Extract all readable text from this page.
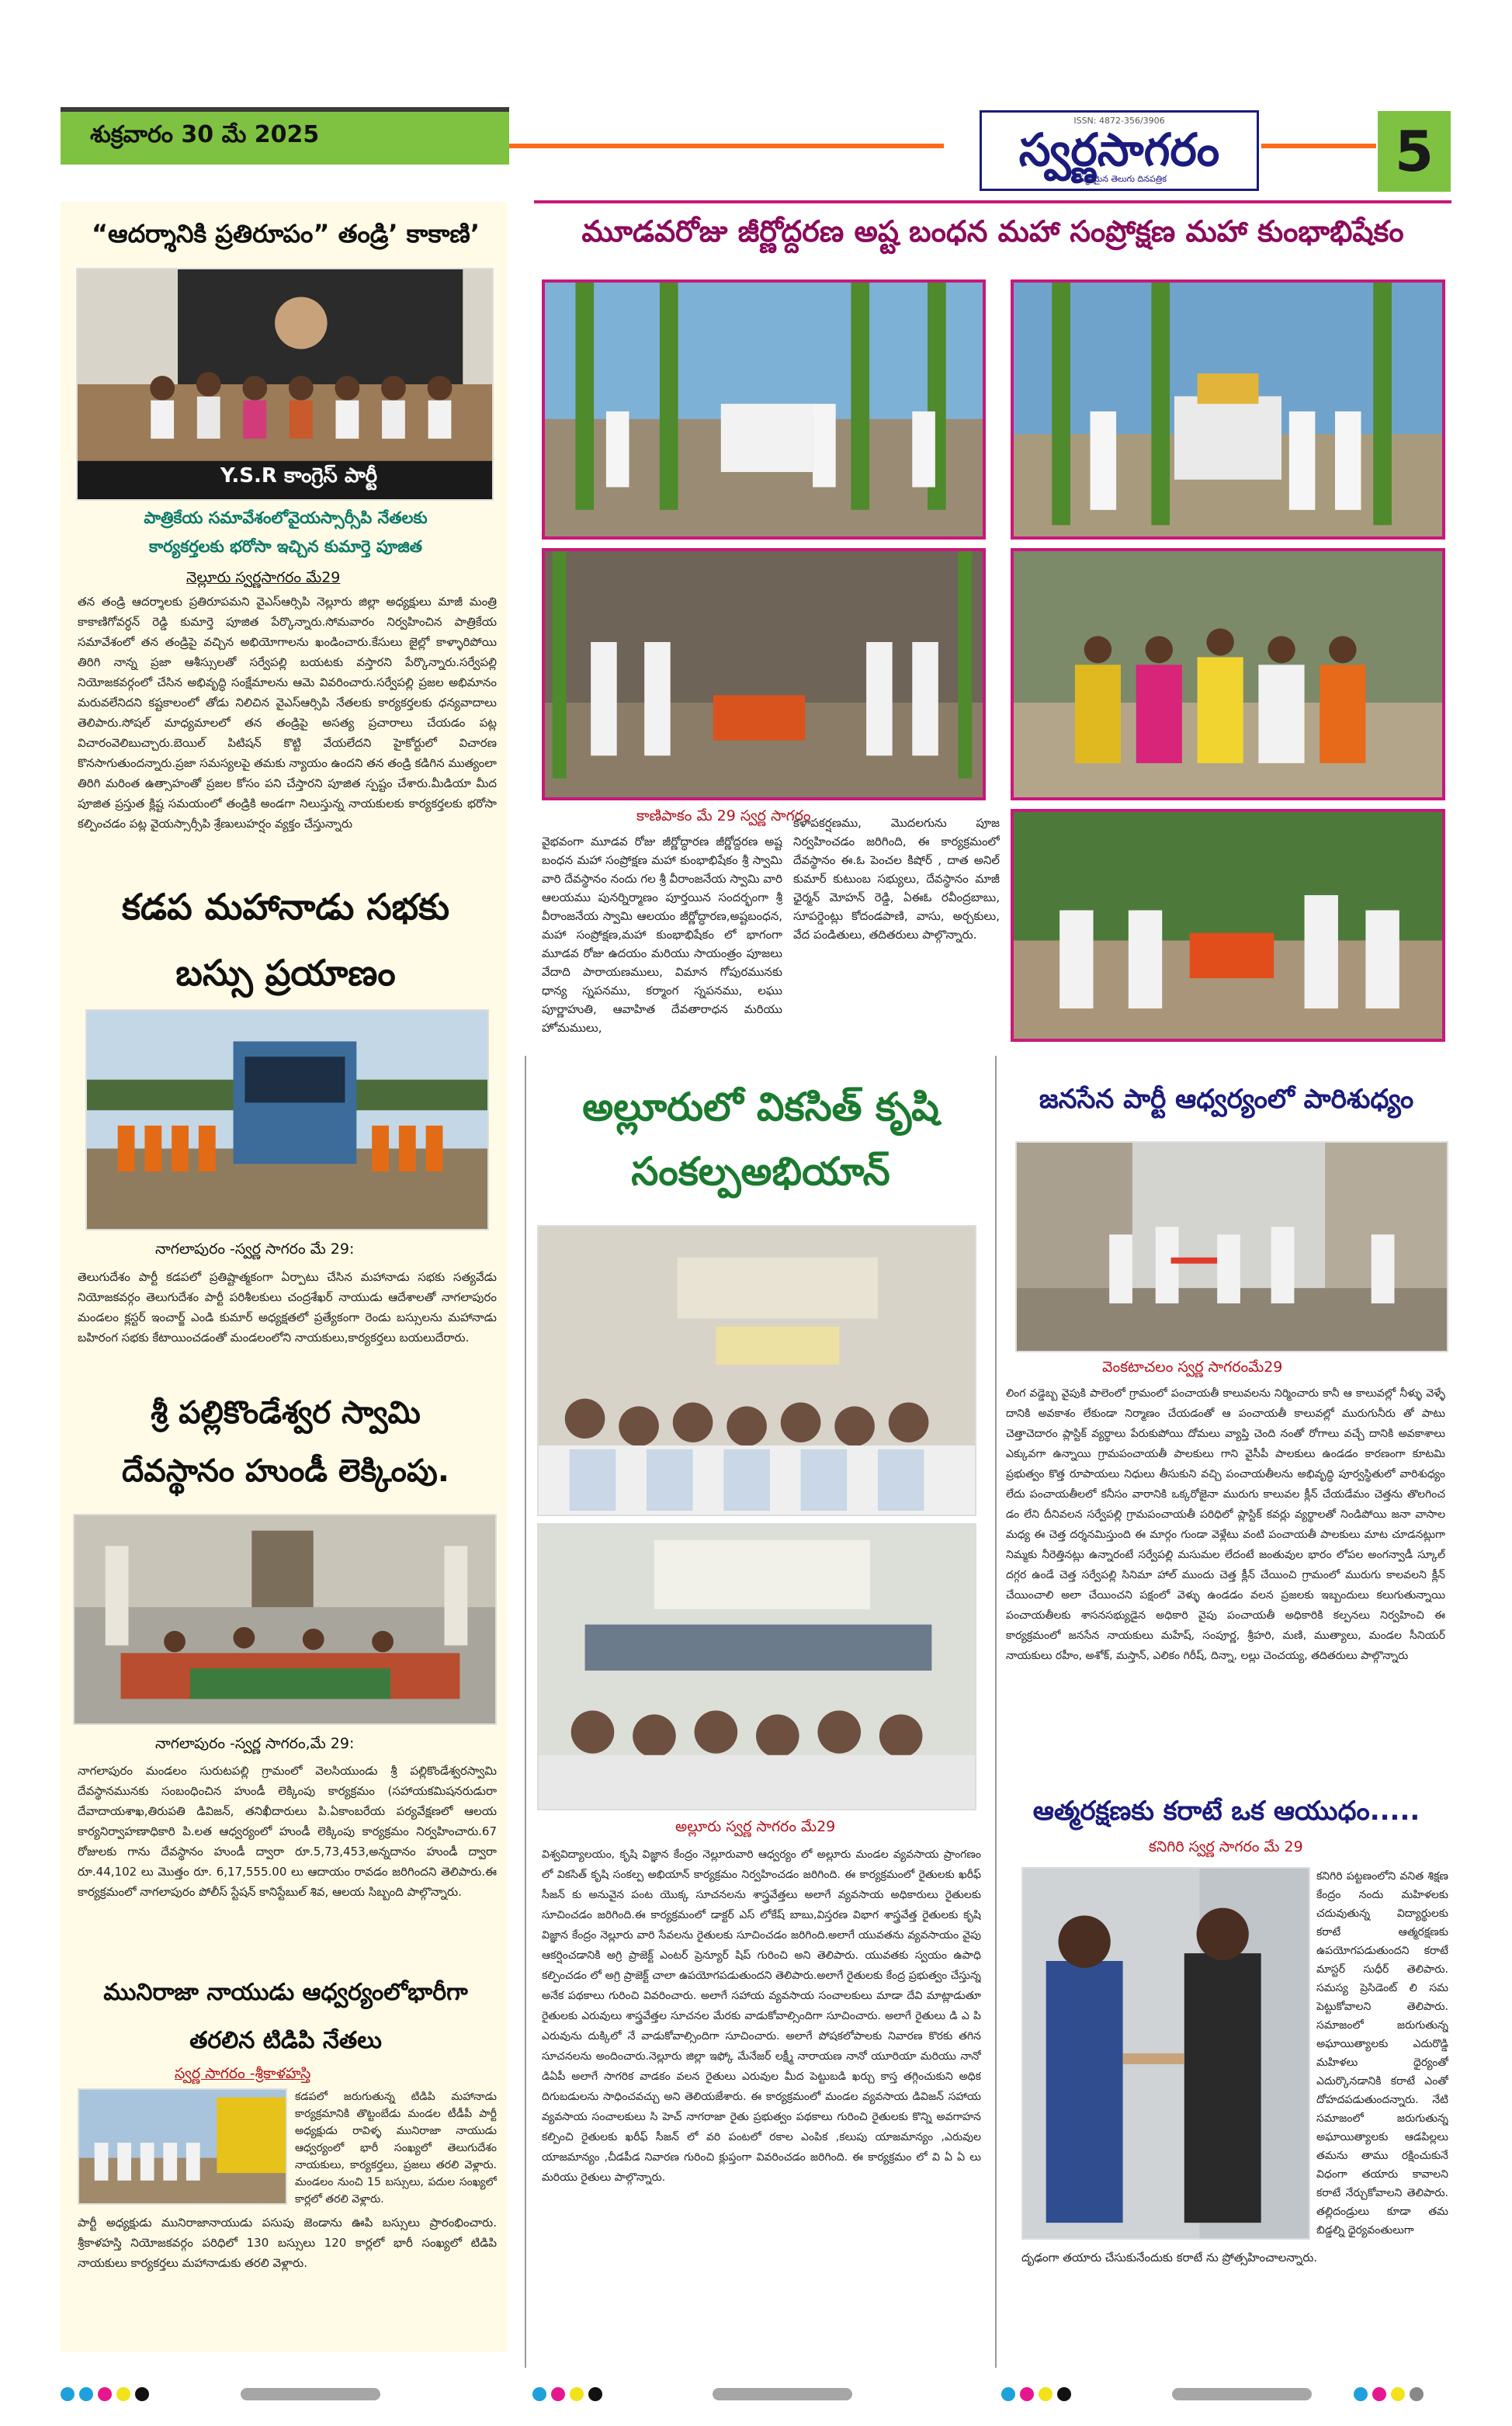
శుక్రవారం 30 మే 2025
ISSN: 4872-356/3906
స్వర్ణసాగరం
నమ్మకమైన తెలుగు దినపత్రిక	5
“ఆదర్శానికి ప్రతిరూపం” తండ్రి’ కాకాణి’
Y.S.R కాంగ్రెస్ పార్టీ
పాత్రికేయ సమావేశంలోవైయస్సార్సీపి నేతలకు
కార్యకర్తలకు భరోసా ఇచ్చిన కుమార్తె పూజిత
నెల్లూరు స్వర్ణసాగరం మే29
తన తండ్రి ఆదర్శాలకు ప్రతిరూపమని వైఎస్ఆర్సిపి నెల్లూరు జిల్లా అధ్యక్షులు మాజీ మంత్రి కాకాణిగోవర్ధన్ రెడ్డి కుమార్తె పూజిత పేర్కొన్నారు.సోమవారం నిర్వహించిన పాత్రికేయ సమావేశంలో తన తండ్రిపై వచ్చిన అభియోగాలను ఖండించారు.కేసులు జైల్లో కాళ్ళారిపోయి తిరిగి నాన్న ప్రజా ఆశీస్సులతో సర్వేపల్లి బయటకు వస్తారని పేర్కొన్నారు.సర్వేపల్లి నియోజకవర్గంలో చేసిన అభివృద్ధి సంక్షేమాలను ఆమె వివరించారు.సర్వేపల్లి ప్రజల అభిమానం మరువలేనిదని కష్టకాలంలో తోడు నిలిచిన వైఎస్ఆర్సిపి నేతలకు కార్యకర్తలకు ధన్యవాదాలు తెలిపారు.సోషల్ మాధ్యమాలలో తన తండ్రిపై అసత్య ప్రచారాలు చేయడం పట్ల విచారంవెలిబుచ్చారు.బెయిల్ పిటిషన్ కొట్టి వేయలేదని హైకోర్టులో విచారణ కొనసాగుతుందన్నారు.ప్రజా సమస్యలపై తమకు న్యాయం ఉందని తన తండ్రి కడిగిన ముత్యంలా తిరిగి మరింత ఉత్సాహంతో ప్రజల కోసం పని చేస్తారని పూజిత స్పష్టం చేశారు.మీడియా మీద పూజిత ప్రస్తుత క్లిష్ట సమయంలో తండ్రికి అండగా నిలుస్తున్న నాయకులకు కార్యకర్తలకు భరోసా కల్పించడం పట్ల వైయస్సార్సీపి శ్రేణులుహర్షం వ్యక్తం చేస్తున్నారు
కడప మహానాడు సభకు
బస్సు ప్రయాణం
నాగలాపురం -స్వర్ణ సాగరం మే 29:
తెలుగుదేశం పార్టీ కడపలో ప్రతిష్టాత్మకంగా ఏర్పాటు చేసిన మహానాడు సభకు సత్యవేడు నియోజకవర్గం తెలుగుదేశం పార్టీ పరిశీలకులు చంద్రశేఖర్ నాయుడు ఆదేశాలతో నాగలాపురం మండలం క్లస్టర్ ఇంచార్జ్ ఎండి కుమార్ అధ్యక్షతలో ప్రత్యేకంగా రెండు బస్సులను మహానాడు బహిరంగ సభకు కేటాయించడంతో మండలంలోని నాయకులు,కార్యకర్తలు బయలుదేరారు.
శ్రీ పల్లికొండేశ్వర స్వామి
దేవస్థానం హుండీ లెక్కింపు.
నాగలాపురం -స్వర్ణ సాగరం,మే 29:
నాగలాపురం మండలం సురుటపల్లి గ్రామంలో వెలసియుండు శ్రీ పల్లికొండేశ్వరస్వామి దేవస్థానమునకు సంబంధించిన హుండీ లెక్కింపు కార్యక్రమం (సహాయకమిషనరుడురా దేవాదాయశాఖ,తిరుపతి డివిజన్, తనిఖీదారులు పి.ఏకాంబరేయ పర్యవేక్షణలో ఆలయ కార్యనిర్వాహణాధికారి పి.లత ఆధ్వర్యంలో హుండీ లెక్కింపు కార్యక్రమం నిర్వహించారు.67 రోజులకు గాను దేవస్థానం హుండీ ద్వారా రూ.5,73,453,అన్నదానం హుండీ ద్వారా రూ.44,102 లు మొత్తం రూ. 6,17,555.00 లు ఆదాయం రావడం జరిగిందని తెలిపారు.ఈ కార్యక్రమంలో నాగలాపురం పోలీస్ స్టేషన్ కానిస్టేబుల్ శివ, ఆలయ సిబ్బంది పాల్గొన్నారు.
మునిరాజా నాయుడు ఆధ్వర్యంలోభారీగా
తరలిన టిడిపి నేతలు
స్వర్ణ సాగరం -శ్రీకాళహస్తి
కడపలో జరుగుతున్న టిడిపి మహానాడు కార్యక్రమానికి తొట్టంబేడు మండల టీడీపీ పార్టీ అధ్యక్షుడు రావిళ్ళ మునిరాజా నాయుడు ఆధ్వర్యంలో భారీ సంఖ్యలో తెలుగుదేశం నాయకులు, కార్యకర్తలు, ప్రజలు తరలి వెళ్లారు. మండలం నుంచి 15 బస్సులు, పదుల సంఖ్యలో కార్లలో తరలి వెళ్లారు.
పార్టీ అధ్యక్షుడు మునిరాజానాయుడు పసుపు జెండాను ఊపి బస్సులు ప్రారంభించారు. శ్రీకాళహస్తి నియోజకవర్గం పరిధిలో 130 బస్సులు 120 కార్లలో భారీ సంఖ్యలో టిడిపి నాయకులు కార్యకర్తలు మహానాడుకు తరలి వెళ్లారు.
మూడవరోజు జీర్ణోద్దరణ అష్ట బంధన మహా సంప్రోక్షణ మహా కుంభాభిషేకం
కాణిపాకం మే 29 స్వర్ణ సాగరం
వైభవంగా మూడవ రోజు జీర్ణోద్ధారణ జీర్ణోద్దరణ అష్ట బంధన మహా సంప్రోక్షణ మహా కుంభాభిషేకం శ్రీ స్వామి వారి దేవస్థానం నందు గల శ్రీ వీరాంజనేయ స్వామి వారి ఆలయము పునర్నిర్మాణం పూర్తయిన సందర్భంగా శ్రీ వీరాంజనేయ స్వామి ఆలయం జీర్ణోద్ధారణ,అష్టబంధన, మహా సంప్రోక్షణ,మహా కుంభాభిషేకం లో భాగంగా మూడవ రోజు ఉదయం మరియు సాయంత్రం పూజలు వేదాది పారాయణములు, విమాన గోపురమునకు ధాన్య స్నపనము, కర్మాంగ స్నపనము, లఘు పూర్ణాహుతి, ఆవాహిత దేవతారాధన మరియు హోమములు,
కళాపకర్షణము, మొదలగును పూజ నిర్వహించడం జరిగింది, ఈ కార్యక్రమంలో దేవస్థానం ఈ.ఓ పెంచల కిషోర్ , దాత అనిల్ కుమార్ కుటుంబ సభ్యులు, దేవస్థానం మాజీ ఛైర్మన్ మోహన్ రెడ్డి, ఏఈఓ రవీంద్రబాబు, సూపర్డెంట్లు కోదండపాణి, వాసు, అర్చకులు, వేద పండితులు, తదితరులు పాల్గొన్నారు.
అల్లూరులో వికసిత్ కృషి
సంకల్పఅభియాన్
అల్లూరు స్వర్ణ సాగరం మే29
విశ్వవిద్యాలయం, కృషి విజ్ఞాన కేంద్రం నెల్లూరువారి ఆధ్వర్యం లో అల్లూరు మండల వ్యవసాయ ప్రాంగణం లో వికసిత్ కృషి సంకల్ప అభియాన్ కార్యక్రమం నిర్వహించడం జరిగింది. ఈ కార్యక్రమంలో రైతులకు ఖరీఫ్ సీజన్ కు అనువైన పంట యొక్క సూచనలను శాస్త్రవేత్తలు అలాగే వ్యవసాయ అధికారులు రైతులకు సూచించడం జరిగింది.ఈ కార్యక్రమంలో డాక్టర్ ఎస్ లోకేష్ బాబు,విస్తరణ విభాగ శాస్త్రవేత్త రైతులకు కృషి విజ్ఞాన కేంద్రం నెల్లూరు వారి సేవలను రైతులకు సూచించడం జరిగింది.అలాగే యువతను వ్యవసాయం వైపు ఆకర్షించడానికి అగ్రి ప్రాజెక్ట్ ఎంటర్ ప్రెన్యూర్ షిప్ గురించి అని తెలిపారు. యువతకు స్వయం ఉపాధి కల్పించడం లో అగ్రి ప్రాజెక్ట్ చాలా ఉపయోగపడుతుందని తెలిపారు.అలాగే రైతులకు కేంద్ర ప్రభుత్వం చేస్తున్న అనేక పథకాలు గురించి వివరించారు. అలాగే సహాయ వ్యవసాయ సంచాలకులు మాడా దేవి మాట్లాడుతూ రైతులకు ఎరువులు శాస్త్రవేత్తల సూచనల మేరకు వాడుకోవాల్సిందిగా సూచించారు. అలాగే రైతులు డి ఎ పి ఎరువును దుక్కిలో నే వాడుకోవాల్సిందిగా సూచించారు. అలాగే పోషకలోపాలకు నివారణ కొరకు తగిన సూచనలను అందించారు.నెల్లూరు జిల్లా ఇఫ్కో మేనేజర్ లక్ష్మీ నారాయణ నానో యూరియా మరియు నానో డిఏపీ అలాగే సాగరిక వాడకం వలన రైతులు ఎరువుల మీద పెట్టుబడి ఖర్చు కాస్త తగ్గించుకుని అధిక దిగుబడులను సాధించవచ్చు అని తెలియజేశారు. ఈ కార్యక్రమంలో మండల వ్యవసాయ డివిజన్ సహాయ వ్యవసాయ సంచాలకులు సి హెచ్ నాగరాజా రైతు ప్రభుత్వం పథకాలు గురించి రైతులకు కొన్ని అవగాహన కల్పించి రైతులకు ఖరీఫ్ సీజన్ లో వరి పంటలో రకాల ఎంపిక ,కలుపు యాజమాన్యం ,ఎరువుల యాజమాన్యం ,చీడపీడ నివారణ గురించి క్లుప్తంగా వివరించడం జరిగింది. ఈ కార్యక్రమం లో వి ఏ ఏ లు మరియు రైతులు పాల్గొన్నారు.
జనసేన పార్టీ ఆధ్వర్యంలో పారిశుధ్యం
వెంకటాచలం స్వర్ణ సాగరంమే29
లింగ వడ్డెబ్బ వైపుకి పాలెంలో గ్రామంలో పంచాయతీ కాలువలను నిర్మించారు కానీ ఆ కాలువల్లో నీళ్ళు వెళ్ళే దానికి అవకాశం లేకుండా నిర్మాణం చేయడంతో ఆ పంచాయతీ కాలువల్లో మురుగునీరు తో పాటు చెత్తాచెదారం ప్లాస్టిక్ వ్యర్థాలు పేరుకుపోయి దోమలు వ్యాప్తి చెంది నంతో రోగాలు వచ్చే దానికి అవకాశాలు ఎక్కువగా ఉన్నాయి గ్రామపంచాయతీ పాలకులు గాని వైసీపీ పాలకులు ఉండడం కారణంగా కూటమి ప్రభుత్వం కొత్త రూపాయలు నిధులు తీసుకుని వచ్చి పంచాయతీలను అభివృద్ధి పూర్వస్థితులో వారిశుధ్యం లేదు పంచాయతీలలో కనీసం వారానికి ఒక్కరోజైనా మురుగు కాలువల క్లీన్ చేయడేమం చెత్తను తొలగించ డం లేని దీనివలన సర్వేపల్లి గ్రామపంచాయతీ పరిధిలో ప్లాస్టిక్ కవర్లు వ్యర్థాలతో నిండిపోయి జనా వాసాల మధ్య ఈ చెత్త దర్శనమిస్తుంది ఈ మార్గం గుండా వెళ్లేటు వంటి పంచాయతీ పాలకులు మాట చూడనట్లుగా నిమ్మకు నీరెత్తినట్లు ఉన్నారంటే సర్వేపల్లి మసుమల లేదంటే జంతువుల భారం లోపల అంగన్వాడీ స్కూల్ దగ్గర ఉండే చెత్త సర్వేపల్లి సినిమా హాల్ ముందు చెత్త క్లీన్ చేయించి గ్రామంలో మురుగు కాలవలని క్లీన్ చేయించాలి అలా చేయించని పక్షంలో వెళ్ళు ఉండడం వలన ప్రజలకు ఇబ్బందులు కలుగుతున్నాయి పంచాయతీలకు శాసనసభ్యుడైన అధికారి వైపు పంచాయతీ అధికారికి కల్పనలు నిర్వహించి ఈ కార్యక్రమంలో జనసేన నాయకులు మహేష్, సంపూర్ణ, శ్రీహరి, మణి, ముత్యాలు, మండల సీనియర్ నాయకులు రహీం, అశోక్, మస్తాన్, ఎలికం గిరీష్, దిన్నా, లల్లు చెంచయ్య, తదితరులు పాల్గొన్నారు
ఆత్మరక్షణకు కరాటే ఒక ఆయుధం.....
కనిగిరి స్వర్ణ సాగరం మే 29
కనిగిరి పట్టణంలోని వనిత శిక్షణ కేంద్రం నందు మహిళలకు చదువుతున్న విద్యార్థులకు కరాటే ఆత్మరక్షణకు ఉపయోగపడుతుందని కరాటే మాస్టర్ సుధీర్ తెలిపారు. సమస్య ప్రెసిడెంట్ లి సమ పెట్టుకోవాలని తెలిపారు. సమాజంలో జరుగుతున్న అఘాయిత్యాలకు ఎదురొడ్డి మహిళలు ధైర్యంతో ఎదుర్కొనడానికి కరాటే ఎంతో దోహదపడుతుందన్నారు. నేటి సమాజంలో జరుగుతున్న అఘాయిత్యాలకు ఆడపిల్లలు తమను తాము రక్షించుకునే విధంగా తయారు కావాలని కరాటే నేర్చుకోవాలని తెలిపారు. తల్లిదండ్రులు కూడా తమ బిడ్డల్ని ధైర్యవంతులుగా
దృఢంగా తయారు చేసుకునేందుకు కరాటే ను ప్రోత్సహించాలన్నారు.
